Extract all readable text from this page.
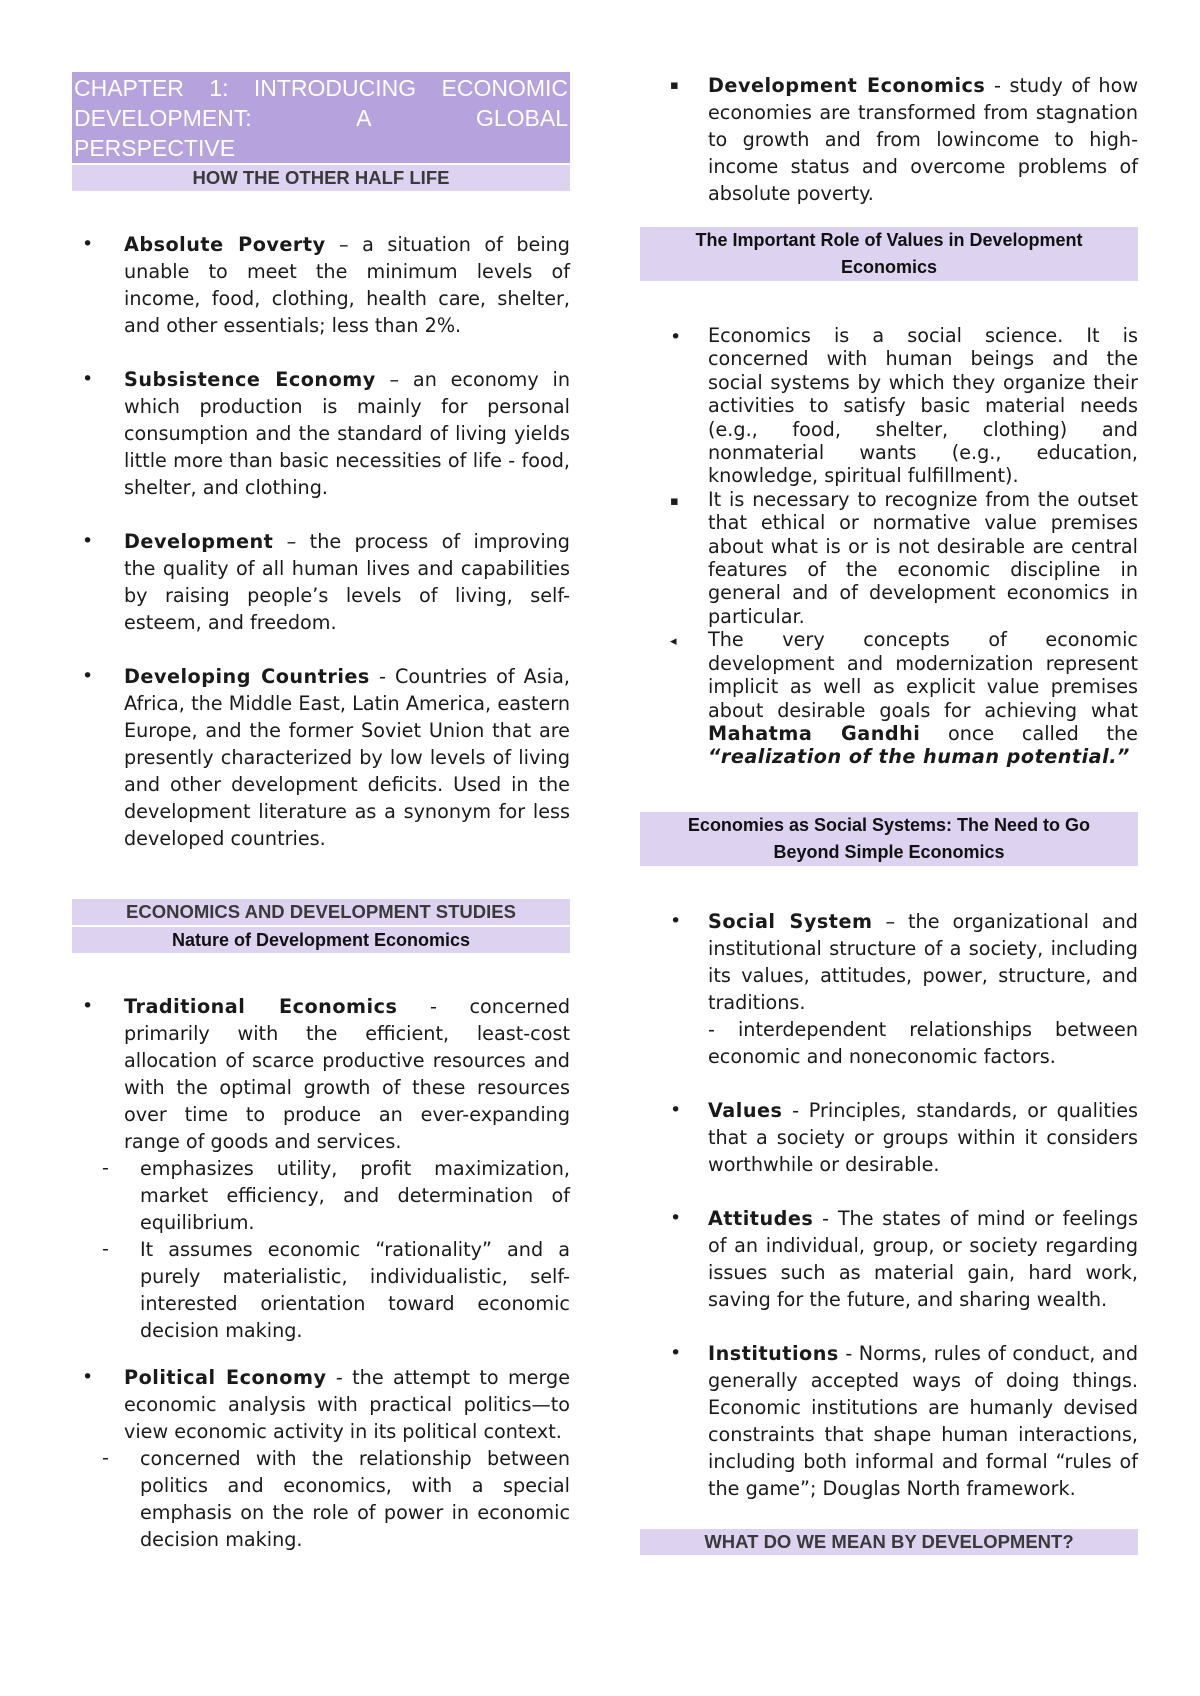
CHAPTER 1: INTRODUCING ECONOMIC
DEVELOPMENT:	A	GLOBAL
PERSPECTIVE
HOW THE OTHER HALF LIFE
• Absolute Poverty – a situation of being unable to meet the minimum levels of income, food, clothing, health care, shelter, and other essentials; less than 2%.
• Subsistence Economy – an economy in which production is mainly for personal consumption and the standard of living yields little more than basic necessities of life - food, shelter, and clothing.
• Development – the process of improving the quality of all human lives and capabilities by raising people’s levels of living, self-esteem, and freedom.
• Developing Countries - Countries of Asia, Africa, the Middle East, Latin America, eastern Europe, and the former Soviet Union that are presently characterized by low levels of living and other development deficits. Used in the development literature as a synonym for less developed countries.
ECONOMICS AND DEVELOPMENT STUDIES
Nature of Development Economics
• Traditional Economics - concerned primarily with the efficient, least-cost allocation of scarce productive resources and with the optimal growth of these resources over time to produce an ever-expanding range of goods and services.
- emphasizes utility, profit maximization, market efficiency, and determination of equilibrium.
- It assumes economic “rationality” and a purely materialistic, individualistic, self-interested orientation toward economic decision making.
• Political Economy - the attempt to merge economic analysis with practical politics—to view economic activity in its political context.
- concerned with the relationship between politics and economics, with a special emphasis on the role of power in economic decision making.
▪ Development Economics - study of how economies are transformed from stagnation to growth and from lowincome to high-income status and overcome problems of absolute poverty.
The Important Role of Values in Development
Economics
• Economics is a social science. It is concerned with human beings and the social systems by which they organize their activities to satisfy basic material needs (e.g., food, shelter, clothing) and nonmaterial wants (e.g., education, knowledge, spiritual fulfillment).
▪ It is necessary to recognize from the outset that ethical or normative value premises about what is or is not desirable are central features of the economic discipline in general and of development economics in particular.
◂ The very concepts of economic development and modernization represent implicit as well as explicit value premises about desirable goals for achieving what Mahatma Gandhi once called the “realization of the human potential.”
Economies as Social Systems: The Need to Go
Beyond Simple Economics
• Social System – the organizational and institutional structure of a society, including its values, attitudes, power, structure, and traditions.
- interdependent relationships between economic and noneconomic factors.
• Values - Principles, standards, or qualities that a society or groups within it considers worthwhile or desirable.
• Attitudes - The states of mind or feelings of an individual, group, or society regarding issues such as material gain, hard work, saving for the future, and sharing wealth.
• Institutions - Norms, rules of conduct, and generally accepted ways of doing things. Economic institutions are humanly devised constraints that shape human interactions, including both informal and formal “rules of the game”; Douglas North framework.
WHAT DO WE MEAN BY DEVELOPMENT?
